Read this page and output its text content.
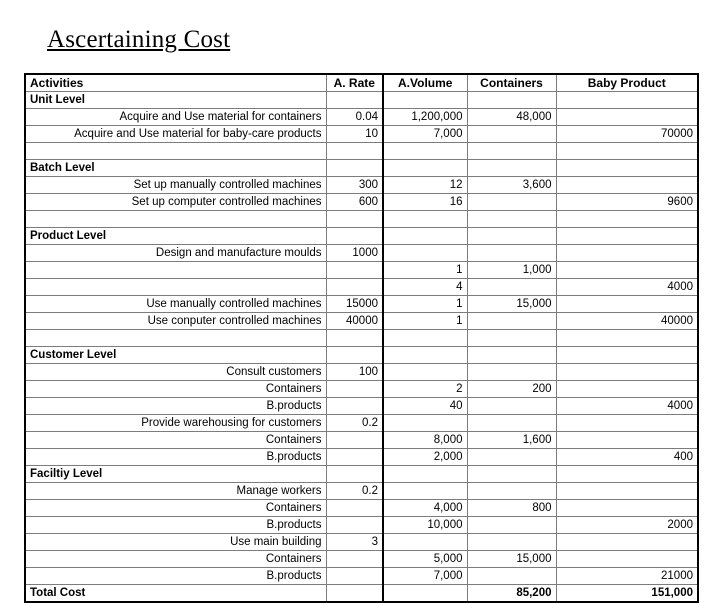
Ascertaining Cost
Activities	A. Rate	A.Volume	Containers	Baby Product
Unit Level				
Acquire and Use material for containers	0.04	1,200,000	48,000	
Acquire and Use material for baby-care products	10	7,000		70000

Batch Level				
Set up manually controlled machines	300	12	3,600	
Set up computer controlled machines	600	16		9600

Product Level				
Design and manufacture moulds	1000			
		1	1,000	
		4		4000
Use manually controlled machines	15000	1	15,000	
Use conputer controlled machines	40000	1		40000

Customer Level				
Consult customers	100			
Containers		2	200	
B.products		40		4000
Provide warehousing for customers	0.2			
Containers		8,000	1,600	
B.products		2,000		400
Faciltiy Level				
Manage workers	0.2			
Containers		4,000	800	
B.products		10,000		2000
Use main building	3			
Containers		5,000	15,000	
B.products		7,000		21000
Total Cost			85,200	151,000
